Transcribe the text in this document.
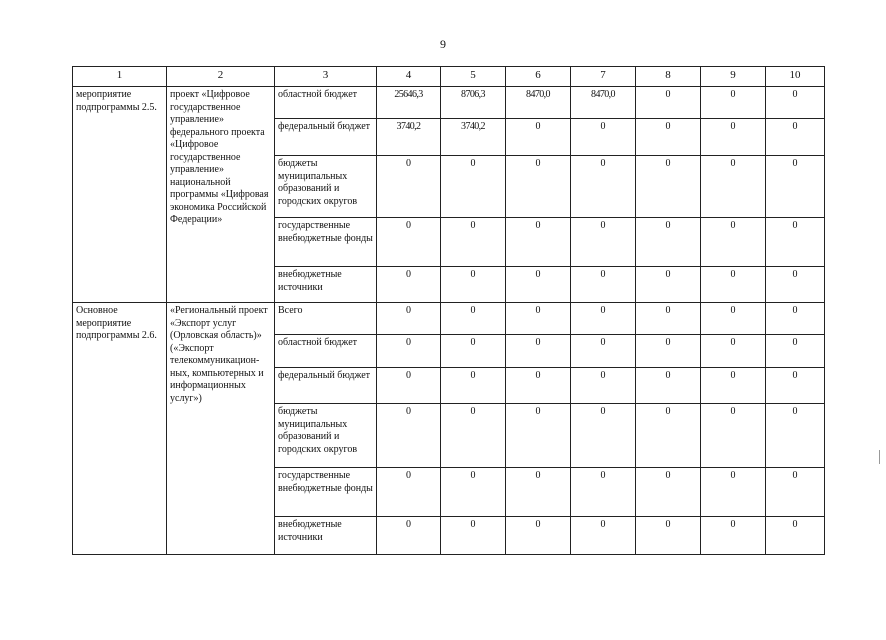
9
1	2	3	4	5	6	7	8	9	10
мероприятие подпрограммы 2.5.	проект «Цифровое государственное управление» федерального проекта «Цифровое государственное управление» национальной программы «Цифровая экономика Российской Федерации»	областной бюджет	25646,3	8706,3	8470,0	8470,0	0	0	0
		федеральный бюджет	3740,2	3740,2	0	0	0	0	0
		бюджеты муниципальных образований и городских округов	0	0	0	0	0	0	0
		государственные внебюджетные фонды	0	0	0	0	0	0	0
		внебюджетные источники	0	0	0	0	0	0	0
Основное мероприятие подпрограммы 2.6.	«Региональный проект «Экспорт услуг (Орловская область)» («Экспорт телекоммуникацион-ных, компьютерных и информационных услуг»)	Всего	0	0	0	0	0	0	0
		областной бюджет	0	0	0	0	0	0	0
		федеральный бюджет	0	0	0	0	0	0	0
		бюджеты муниципальных образований и городских округов	0	0	0	0	0	0	0
		государственные внебюджетные фонды	0	0	0	0	0	0	0
		внебюджетные источники	0	0	0	0	0	0	0
